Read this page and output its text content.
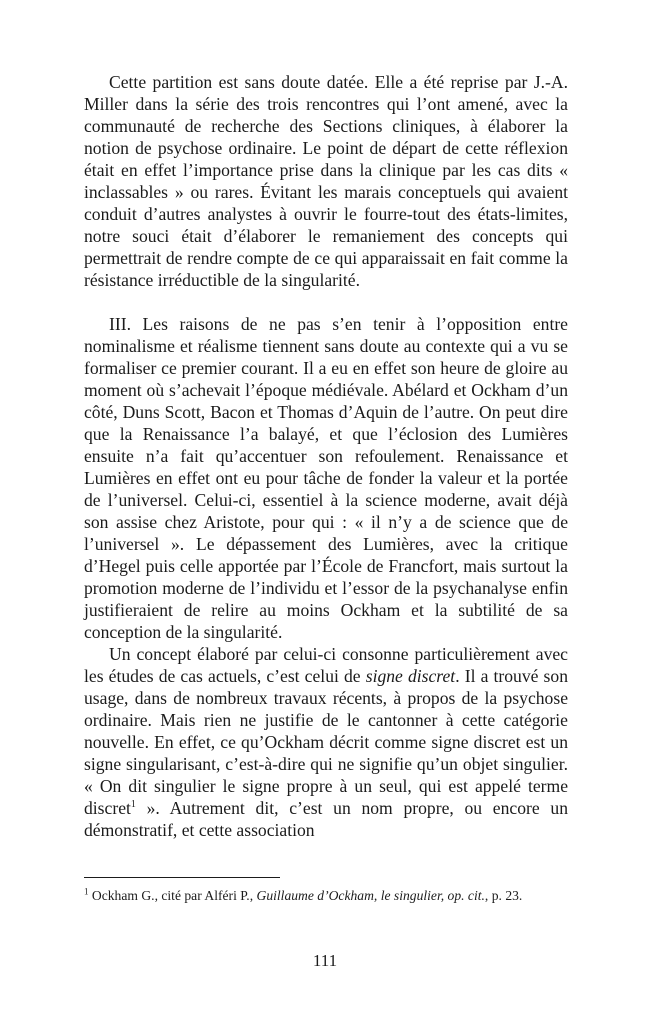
Cette partition est sans doute datée. Elle a été reprise par J.-A. Miller dans la série des trois rencontres qui l’ont amené, avec la communauté de recherche des Sections cliniques, à élaborer la notion de psychose ordinaire. Le point de départ de cette réflexion était en effet l’importance prise dans la clinique par les cas dits « inclassables » ou rares. Évitant les marais conceptuels qui avaient conduit d’autres analystes à ouvrir le fourre-tout des états-limites, notre souci était d’élaborer le remaniement des concepts qui permettrait de rendre compte de ce qui apparaissait en fait comme la résistance irréductible de la singularité.

III. Les raisons de ne pas s’en tenir à l’opposition entre nominalisme et réalisme tiennent sans doute au contexte qui a vu se formaliser ce premier courant. Il a eu en effet son heure de gloire au moment où s’achevait l’époque médiévale. Abélard et Ockham d’un côté, Duns Scott, Bacon et Thomas d’Aquin de l’autre. On peut dire que la Renaissance l’a balayé, et que l’éclosion des Lumières ensuite n’a fait qu’accentuer son refoulement. Renaissance et Lumières en effet ont eu pour tâche de fonder la valeur et la portée de l’universel. Celui-ci, essentiel à la science moderne, avait déjà son assise chez Aristote, pour qui : « il n’y a de science que de l’universel ». Le dépassement des Lumières, avec la critique d’Hegel puis celle apportée par l’École de Francfort, mais surtout la promotion moderne de l’individu et l’essor de la psychanalyse enfin justifieraient de relire au moins Ockham et la subtilité de sa conception de la singularité.

Un concept élaboré par celui-ci consonne particulièrement avec les études de cas actuels, c’est celui de signe discret. Il a trouvé son usage, dans de nombreux travaux récents, à propos de la psychose ordinaire. Mais rien ne justifie de le cantonner à cette catégorie nouvelle. En effet, ce qu’Ockham décrit comme signe discret est un signe singularisant, c’est-à-dire qui ne signifie qu’un objet singulier. « On dit singulier le signe propre à un seul, qui est appelé terme discret$^1$ ». Autrement dit, c’est un nom propre, ou encore un démonstratif, et cette association

$^1$ Ockham G., cité par Alféri P., Guillaume d’Ockham, le singulier, op. cit., p. 23.

111
